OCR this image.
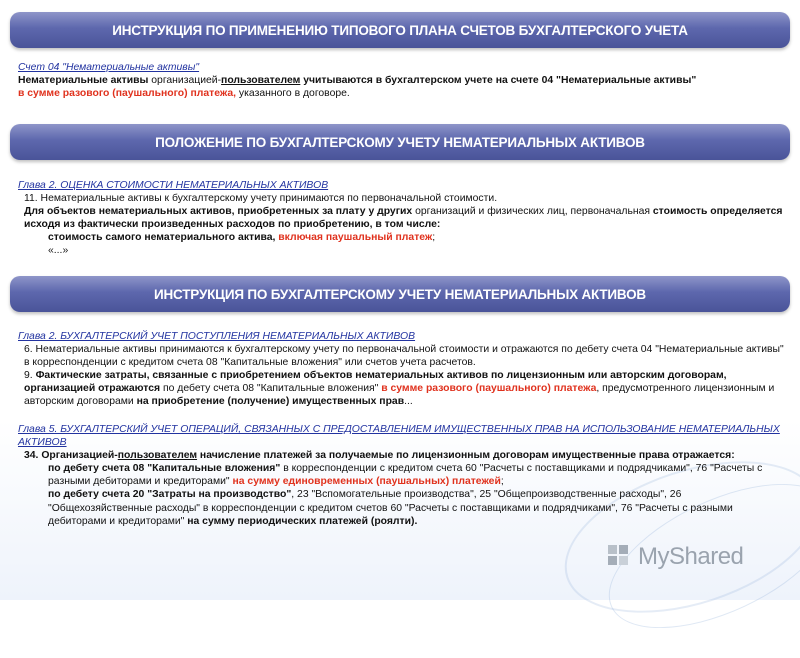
ИНСТРУКЦИЯ ПО ПРИМЕНЕНИЮ ТИПОВОГО ПЛАНА СЧЕТОВ БУХГАЛТЕРСКОГО УЧЕТА

Счет 04 "Нематериальные активы"

Нематериальные активы организацией-пользователем учитываются в бухгалтерском учете на счете 04 "Нематериальные активы"

в сумме разового (паушального) платежа, указанного в договоре.

ПОЛОЖЕНИЕ ПО БУХГАЛТЕРСКОМУ УЧЕТУ НЕМАТЕРИАЛЬНЫХ АКТИВОВ

Глава 2. ОЦЕНКА СТОИМОСТИ НЕМАТЕРИАЛЬНЫХ АКТИВОВ

11. Нематериальные активы к бухгалтерскому учету принимаются по первоначальной стоимости.

Для объектов нематериальных активов, приобретенных за плату у других организаций и физических лиц, первоначальная стоимость определяется исходя из фактически произведенных расходов по приобретению, в том числе:

стоимость самого нематериального актива, включая паушальный платеж;

«...»

ИНСТРУКЦИЯ ПО БУХГАЛТЕРСКОМУ УЧЕТУ НЕМАТЕРИАЛЬНЫХ АКТИВОВ

Глава 2. БУХГАЛТЕРСКИЙ УЧЕТ ПОСТУПЛЕНИЯ НЕМАТЕРИАЛЬНЫХ АКТИВОВ

6. Нематериальные активы принимаются к бухгалтерскому учету по первоначальной стоимости и отражаются по дебету счета 04 "Нематериальные активы" в корреспонденции с кредитом счета 08 "Капитальные вложения" или счетов учета расчетов.

9. Фактические затраты, связанные с приобретением объектов нематериальных активов по лицензионным или авторским договорам, организацией отражаются по дебету счета 08 "Капитальные вложения" в сумме разового (паушального) платежа, предусмотренного лицензионным и авторским договорами на приобретение (получение) имущественных прав...

Глава 5. БУХГАЛТЕРСКИЙ УЧЕТ ОПЕРАЦИЙ, СВЯЗАННЫХ С ПРЕДОСТАВЛЕНИЕМ ИМУЩЕСТВЕННЫХ ПРАВ НА ИСПОЛЬЗОВАНИЕ НЕМАТЕРИАЛЬНЫХ АКТИВОВ

34. Организацией-пользователем начисление платежей за получаемые по лицензионным договорам имущественные права отражается:

по дебету счета 08 "Капитальные вложения" в корреспонденции с кредитом счета 60 "Расчеты с поставщиками и подрядчиками", 76 "Расчеты с разными дебиторами и кредиторами" на сумму единовременных (паушальных) платежей;

по дебету счета 20 "Затраты на производство", 23 "Вспомогательные производства", 25 "Общепроизводственные расходы", 26 "Общехозяйственные расходы" в корреспонденции с кредитом счетов 60 "Расчеты с поставщиками и подрядчиками", 76 "Расчеты с разными дебиторами и кредиторами" на сумму периодических платежей (роялти).

MyShared
